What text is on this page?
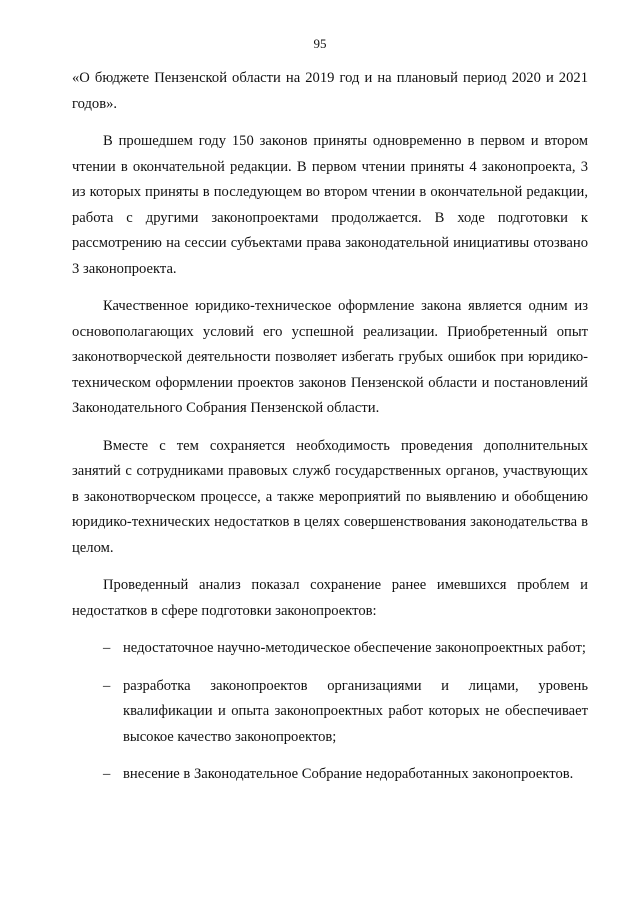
95

«О бюджете Пензенской области на 2019 год и на плановый период 2020 и 2021 годов».

В прошедшем году 150 законов приняты одновременно в первом и втором чтении в окончательной редакции. В первом чтении приняты 4 законопроекта, 3 из которых приняты в последующем во втором чтении в окончательной редакции, работа с другими законопроектами продолжается. В ходе подготовки к рассмотрению на сессии субъектами права законодательной инициативы отозвано 3 законопроекта.

Качественное юридико-техническое оформление закона является одним из основополагающих условий его успешной реализации. Приобретенный опыт законотворческой деятельности позволяет избегать грубых ошибок при юридико-техническом оформлении проектов законов Пензенской области и постановлений Законодательного Собрания Пензенской области.

Вместе с тем сохраняется необходимость проведения дополнительных занятий с сотрудниками правовых служб государственных органов, участвующих в законотворческом процессе, а также мероприятий по выявлению и обобщению юридико-технических недостатков в целях совершенствования законодательства в целом.

Проведенный анализ показал сохранение ранее имевшихся проблем и недостатков в сфере подготовки законопроектов:

– недостаточное научно-методическое обеспечение законопроектных работ;
– разработка законопроектов организациями и лицами, уровень квалификации и опыта законопроектных работ которых не обеспечивает высокое качество законопроектов;
– внесение в Законодательное Собрание недоработанных законопроектов.
